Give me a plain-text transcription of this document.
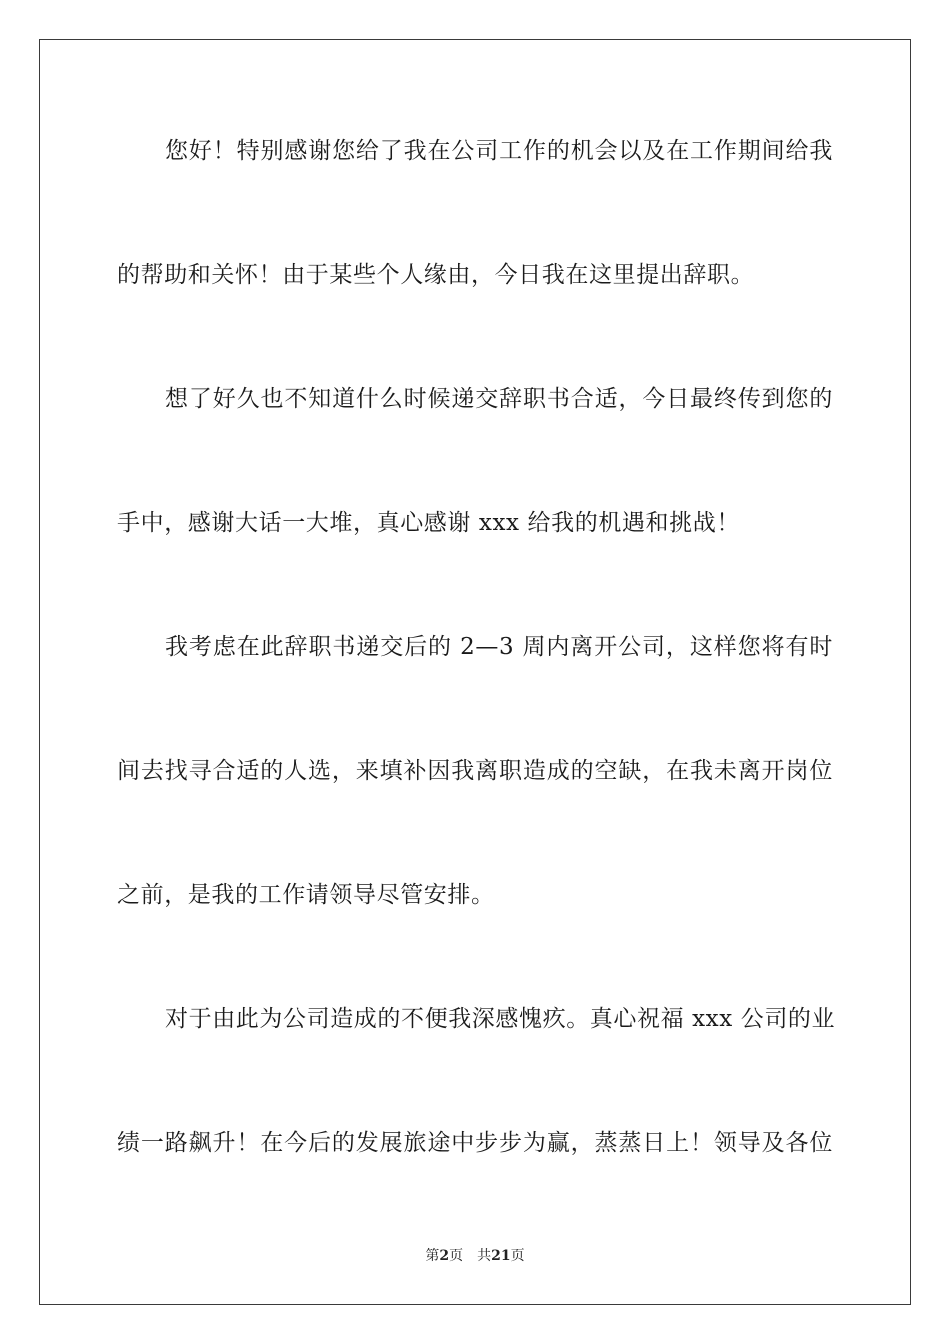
您好！特别感谢您给了我在公司工作的机会以及在工作期间给我
的帮助和关怀！由于某些个人缘由，今日我在这里提出辞职。
想了好久也不知道什么时候递交辞职书合适，今日最终传到您的
手中，感谢大话一大堆，真心感谢 xxx 给我的机遇和挑战！
我考虑在此辞职书递交后的 2—3 周内离开公司，这样您将有时
间去找寻合适的人选，来填补因我离职造成的空缺，在我未离开岗位
之前，是我的工作请领导尽管安排。
对于由此为公司造成的不便我深感愧疚。真心祝福 xxx 公司的业
绩一路飙升！在今后的发展旅途中步步为赢，蒸蒸日上！领导及各位
第2页 共21页
